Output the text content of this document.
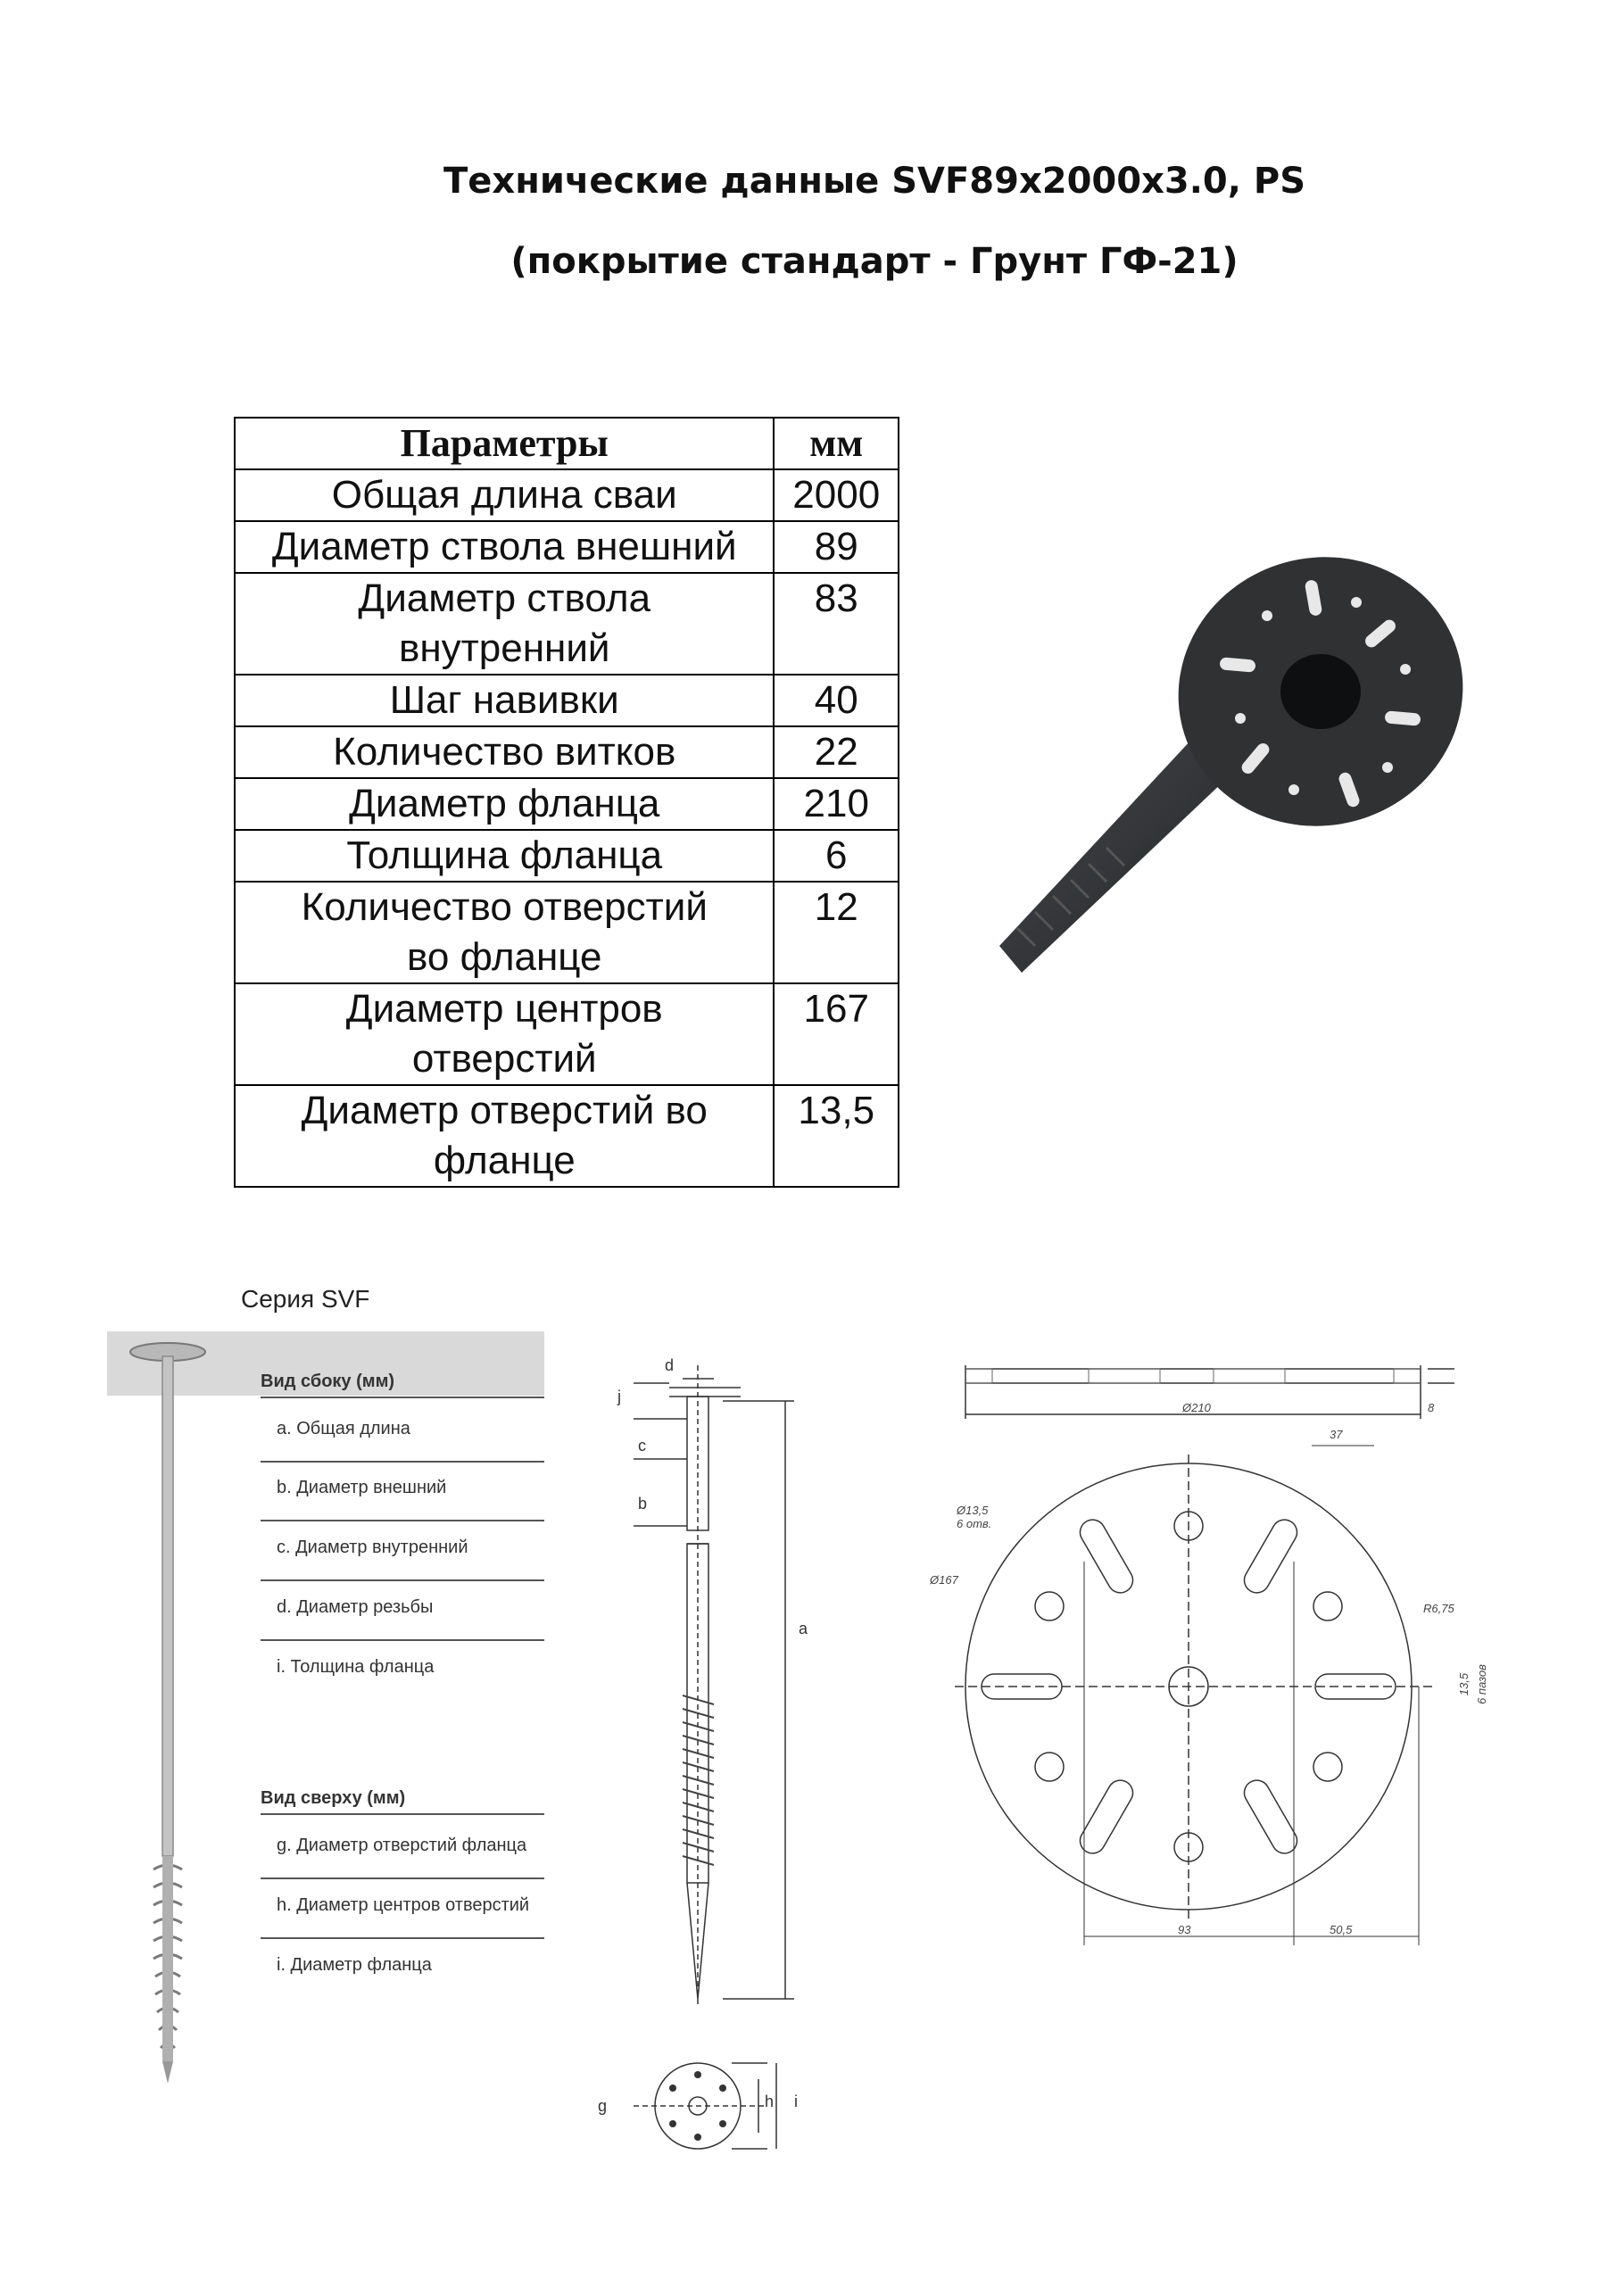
Технические данные SVF89x2000x3.0, PS
(покрытие стандарт - Грунт ГФ-21)
Параметры	мм
Общая длина сваи	2000
Диаметр ствола внешний	89
Диаметр ствола внутренний	83
Шаг навивки	40
Количество витков	22
Диаметр фланца	210
Толщина фланца	6
Количество отверстий во фланце	12
Диаметр центров отверстий	167
Диаметр отверстий во фланце	13,5
Серия SVF
Вид сбоку (мм)
a. Общая длина
b. Диаметр внешний
c. Диаметр внутренний
d. Диаметр резьбы
i. Толщина фланца
Вид сверху (мм)
g. Диаметр отверстий фланца
h. Диаметр центров отверстий
i. Диаметр фланца
d
j
c
b
a
g	h i
Ø210	8
Ø13,5
6 отв.
Ø167
R6,75
37
13,5 6 пазов
93	50,5
